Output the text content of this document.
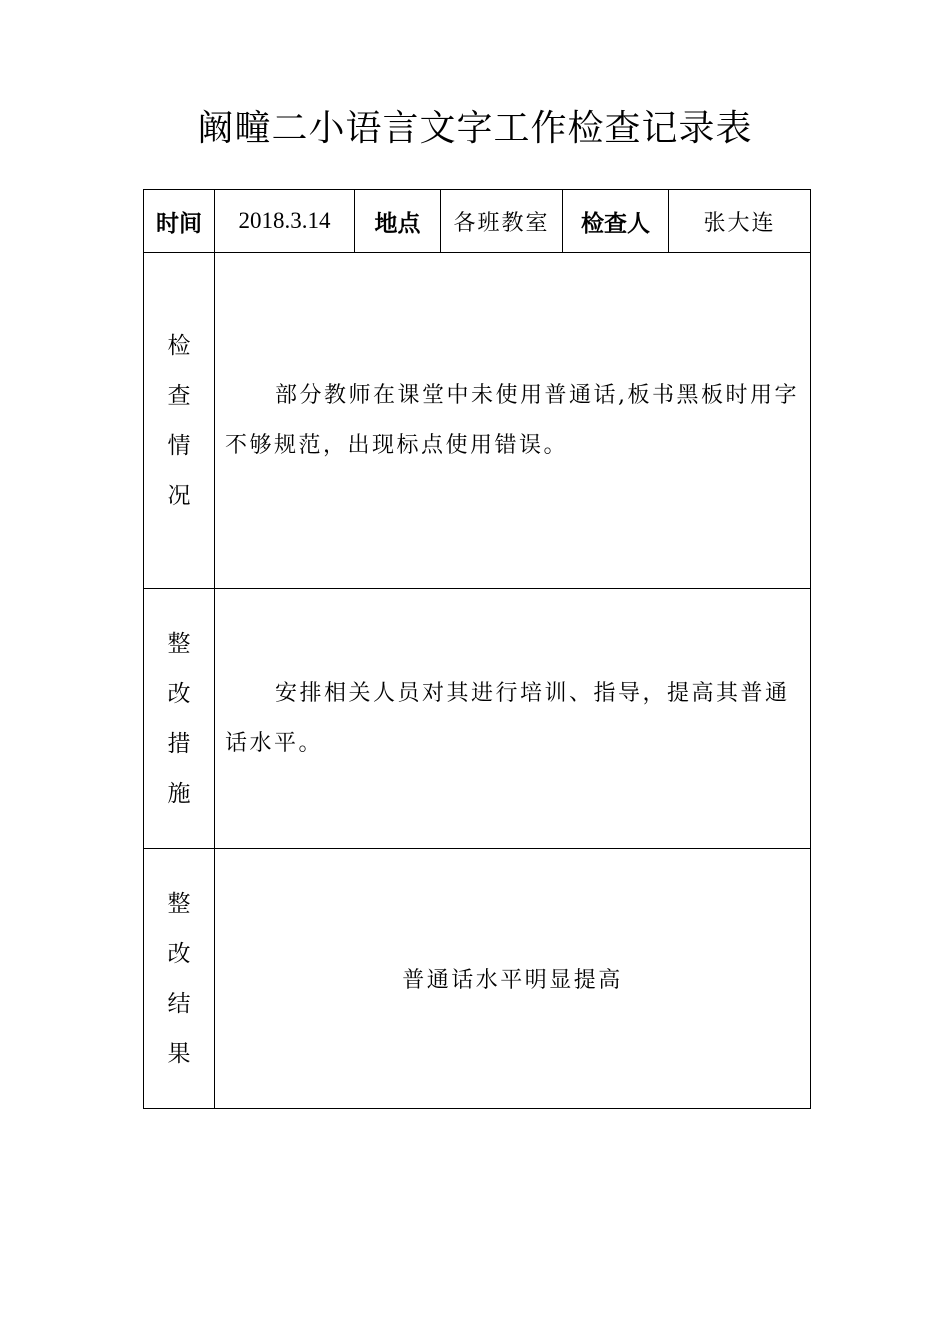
阚疃二小语言文字工作检查记录表
时间	2018.3.14	地点	各班教室	检查人	张大连

检
查
情
况	部分教师在课堂中未使用普通话,板书黑板时用字不够规范，出现标点使用错误。				

整
改
措
施	安排相关人员对其进行培训、指导，提高其普通话水平。				

整
改
结
果	普通话水平明显提高				
